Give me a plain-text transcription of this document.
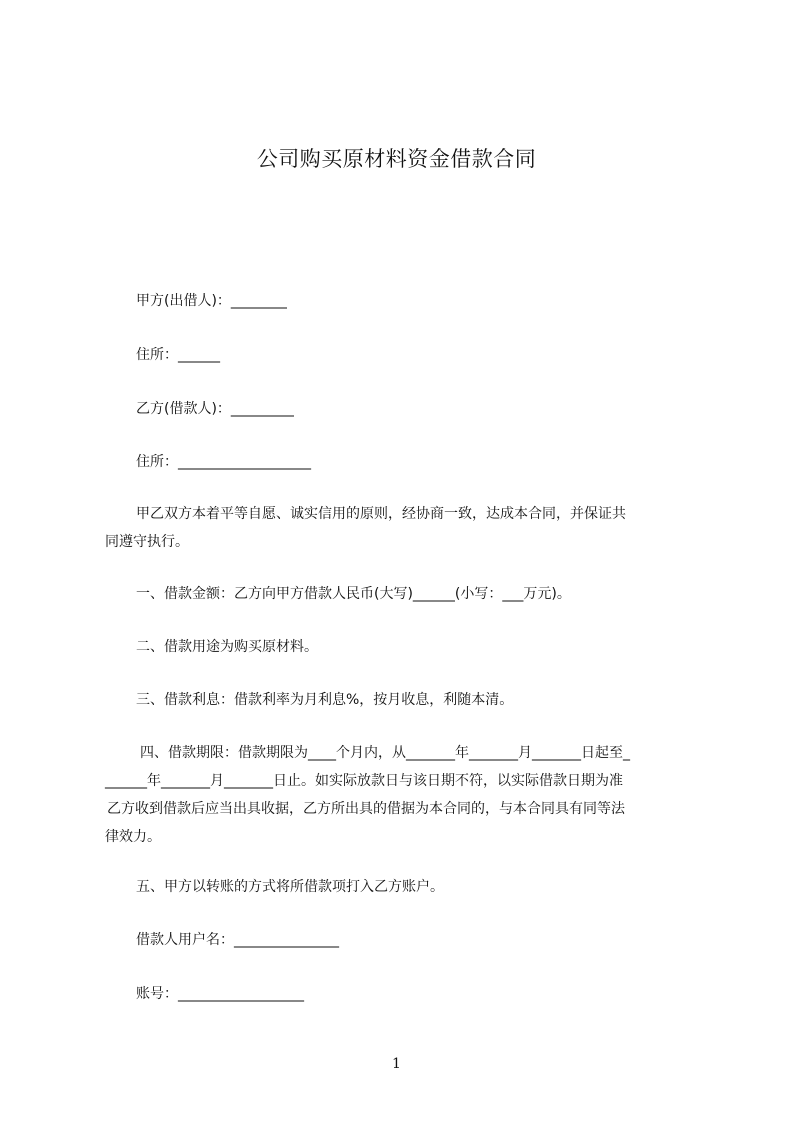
公司购买原材料资金借款合同
甲方(出借人)：________
住所：______
乙方(借款人)：_________
住所：___________________
甲乙双方本着平等自愿、诚实信用的原则，经协商一致，达成本合同，并保证共
同遵守执行。
一、借款金额：乙方向甲方借款人民币(大写)______(小写：___万元)。
二、借款用途为购买原材料。
三、借款利息：借款利率为月利息%，按月收息，利随本清。
四、借款期限：借款期限为____个月内，从_______年_______月_______日起至_
______年_______月_______日止。如实际放款日与该日期不符，以实际借款日期为准
乙方收到借款后应当出具收据，乙方所出具的借据为本合同的，与本合同具有同等法
律效力。
五、甲方以转账的方式将所借款项打入乙方账户。
借款人用户名：_______________
账号：__________________
1
